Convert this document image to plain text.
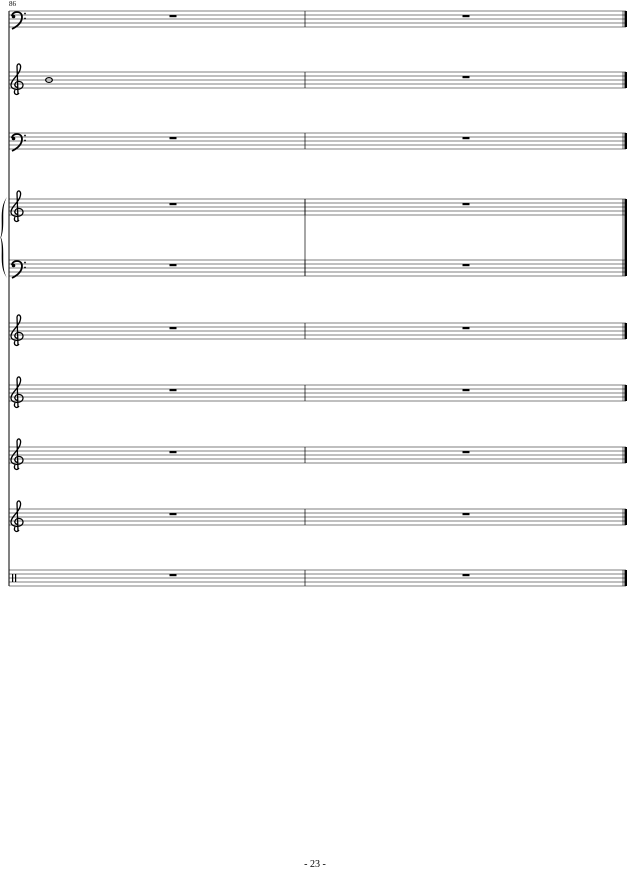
86
- 23 -
